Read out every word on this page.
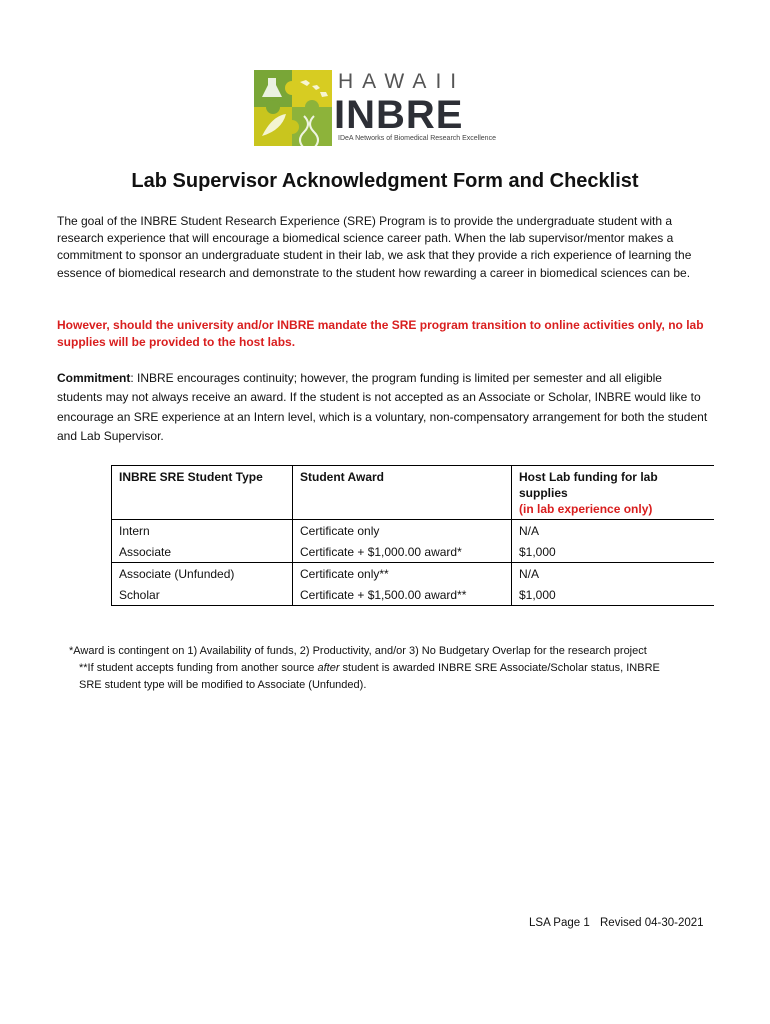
HAWAII
INBRE
IDeA Networks of Biomedical Research Excellence
Lab Supervisor Acknowledgment Form and Checklist
The goal of the INBRE Student Research Experience (SRE) Program is to provide the undergraduate student with a research experience that will encourage a biomedical science career path. When the lab supervisor/mentor makes a commitment to sponsor an undergraduate student in their lab, we ask that they provide a rich experience of learning the essence of biomedical research and demonstrate to the student how rewarding a career in biomedical sciences can be.
However, should the university and/or INBRE mandate the SRE program transition to online activities only, no lab supplies will be provided to the host labs.
Commitment: INBRE encourages continuity; however, the program funding is limited per semester and all eligible students may not always receive an award. If the student is not accepted as an Associate or Scholar, INBRE would like to encourage an SRE experience at an Intern level, which is a voluntary, non-compensatory arrangement for both the student and Lab Supervisor.
INBRE SRE Student Type	Student Award	Host Lab funding for lab supplies
(in lab experience only)
Intern	Certificate only	N/A
Associate	Certificate + $1,000.00 award*	$1,000
Associate (Unfunded)	Certificate only**	N/A
Scholar	Certificate + $1,500.00 award**	$1,000
*Award is contingent on 1) Availability of funds, 2) Productivity, and/or 3) No Budgetary Overlap for the research project
**If student accepts funding from another source after student is awarded INBRE SRE Associate/Scholar status, INBRE
SRE student type will be modified to Associate (Unfunded).
LSA Page 1 Revised 04-30-2021
